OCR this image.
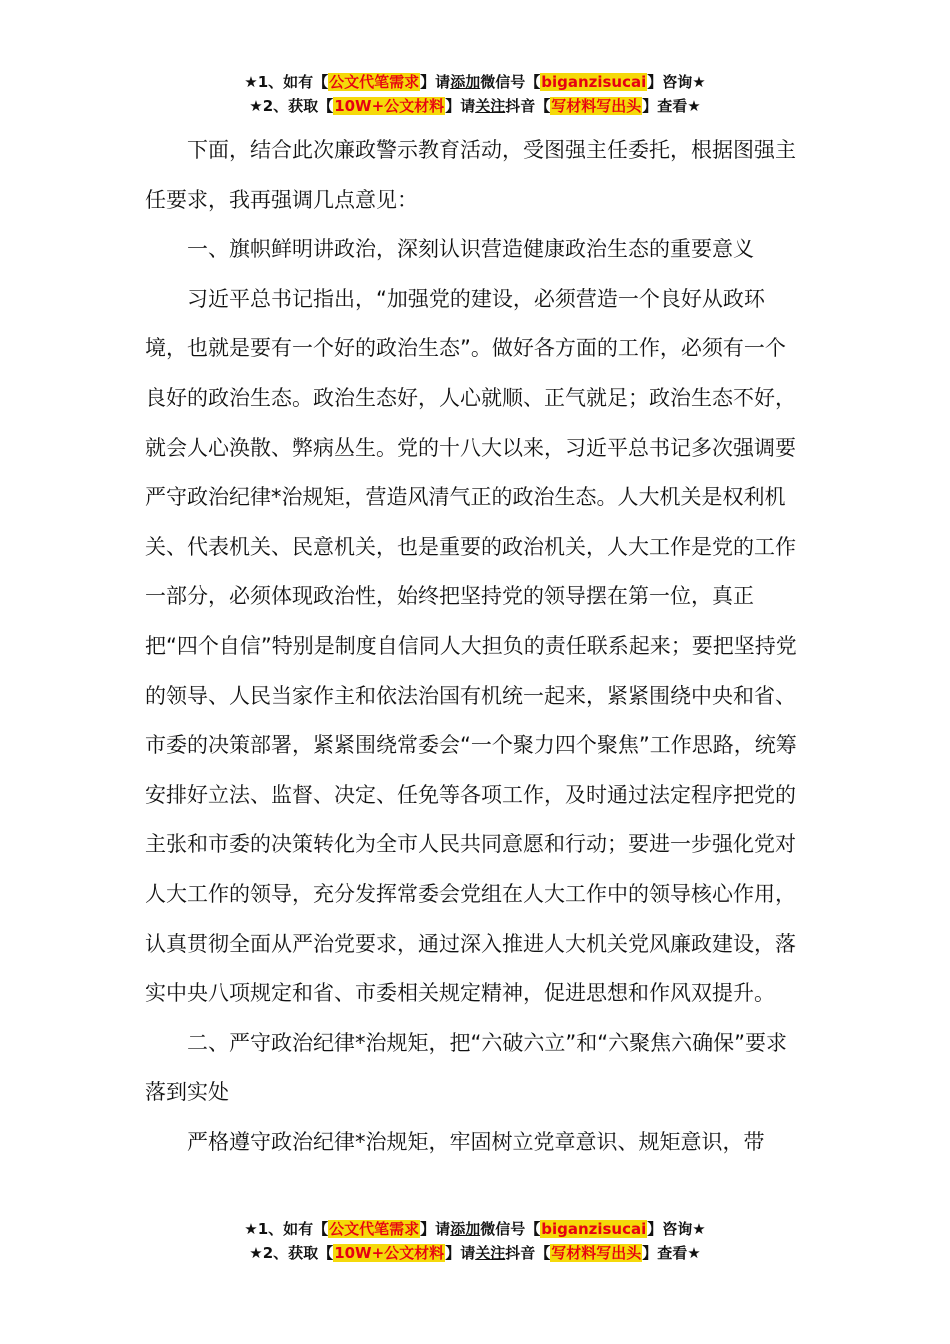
★1、如有【公文代笔需求】请添加微信号【biganzisucai】咨询★
★2、获取【10W+公文材料】请关注抖音【写材料写出头】查看★

下面，结合此次廉政警示教育活动，受图强主任委托，根据图强主任要求，我再强调几点意见：

一、旗帜鲜明讲政治，深刻认识营造健康政治生态的重要意义

习近平总书记指出，“加强党的建设，必须营造一个良好从政环境，也就是要有一个好的政治生态”。做好各方面的工作，必须有一个良好的政治生态。政治生态好，人心就顺、正气就足；政治生态不好，就会人心涣散、弊病丛生。党的十八大以来，习近平总书记多次强调要严守政治纪律*治规矩，营造风清气正的政治生态。人大机关是权利机关、代表机关、民意机关，也是重要的政治机关，人大工作是党的工作一部分，必须体现政治性，始终把坚持党的领导摆在第一位，真正把“四个自信”特别是制度自信同人大担负的责任联系起来；要把坚持党的领导、人民当家作主和依法治国有机统一起来，紧紧围绕中央和省、市委的决策部署，紧紧围绕常委会“一个聚力四个聚焦”工作思路，统筹安排好立法、监督、决定、任免等各项工作，及时通过法定程序把党的主张和市委的决策转化为全市人民共同意愿和行动；要进一步强化党对人大工作的领导，充分发挥常委会党组在人大工作中的领导核心作用，认真贯彻全面从严治党要求，通过深入推进人大机关党风廉政建设，落实中央八项规定和省、市委相关规定精神，促进思想和作风双提升。

二、严守政治纪律*治规矩，把“六破六立”和“六聚焦六确保”要求落到实处

严格遵守政治纪律*治规矩，牢固树立党章意识、规矩意识，带

★1、如有【公文代笔需求】请添加微信号【biganzisucai】咨询★
★2、获取【10W+公文材料】请关注抖音【写材料写出头】查看★
